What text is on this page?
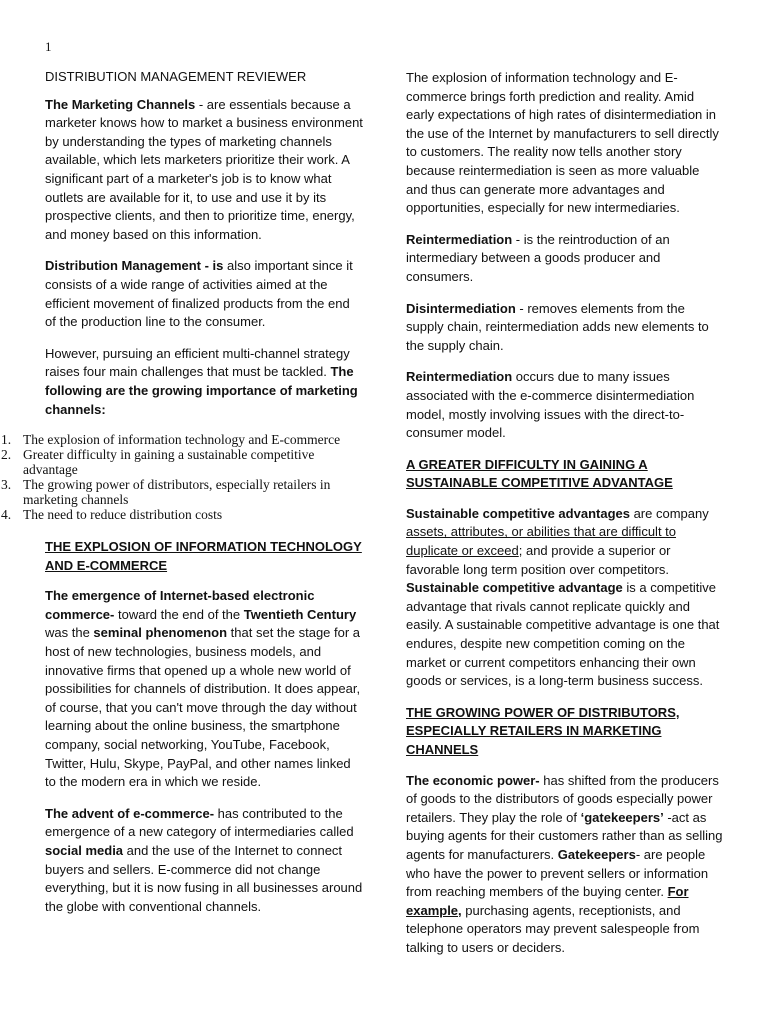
1

DISTRIBUTION MANAGEMENT REVIEWER

The Marketing Channels - are essentials because a marketer knows how to market a business environment by understanding the types of marketing channels available, which lets marketers prioritize their work. A significant part of a marketer's job is to know what outlets are available for it, to use and use it by its prospective clients, and then to prioritize time, energy, and money based on this information.

Distribution Management - is also important since it consists of a wide range of activities aimed at the efficient movement of finalized products from the end of the production line to the consumer.

However, pursuing an efficient multi-channel strategy raises four main challenges that must be tackled. The following are the growing importance of marketing channels:

1. The explosion of information technology and E-commerce
2. Greater difficulty in gaining a sustainable competitive advantage
3. The growing power of distributors, especially retailers in marketing channels
4. The need to reduce distribution costs

THE EXPLOSION OF INFORMATION TECHNOLOGY AND E-COMMERCE

The emergence of Internet-based electronic commerce- toward the end of the Twentieth Century was the seminal phenomenon that set the stage for a host of new technologies, business models, and innovative firms that opened up a whole new world of possibilities for channels of distribution. It does appear, of course, that you can't move through the day without learning about the online business, the smartphone company, social networking, YouTube, Facebook, Twitter, Hulu, Skype, PayPal, and other names linked to the modern era in which we reside.

The advent of e-commerce- has contributed to the emergence of a new category of intermediaries called social media and the use of the Internet to connect buyers and sellers. E-commerce did not change everything, but it is now fusing in all businesses around the globe with conventional channels.

The explosion of information technology and E-commerce brings forth prediction and reality. Amid early expectations of high rates of disintermediation in the use of the Internet by manufacturers to sell directly to customers. The reality now tells another story because reintermediation is seen as more valuable and thus can generate more advantages and opportunities, especially for new intermediaries.

Reintermediation - is the reintroduction of an intermediary between a goods producer and consumers.

Disintermediation - removes elements from the supply chain, reintermediation adds new elements to the supply chain.

Reintermediation occurs due to many issues associated with the e-commerce disintermediation model, mostly involving issues with the direct-to-consumer model.

A GREATER DIFFICULTY IN GAINING A SUSTAINABLE COMPETITIVE ADVANTAGE

Sustainable competitive advantages are company assets, attributes, or abilities that are difficult to duplicate or exceed; and provide a superior or favorable long term position over competitors. Sustainable competitive advantage is a competitive advantage that rivals cannot replicate quickly and easily. A sustainable competitive advantage is one that endures, despite new competition coming on the market or current competitors enhancing their own goods or services, is a long-term business success.

THE GROWING POWER OF DISTRIBUTORS, ESPECIALLY RETAILERS IN MARKETING CHANNELS

The economic power- has shifted from the producers of goods to the distributors of goods especially power retailers. They play the role of ‘gatekeepers’ -act as buying agents for their customers rather than as selling agents for manufacturers. Gatekeepers- are people who have the power to prevent sellers or information from reaching members of the buying center. For example, purchasing agents, receptionists, and telephone operators may prevent salespeople from talking to users or deciders.
